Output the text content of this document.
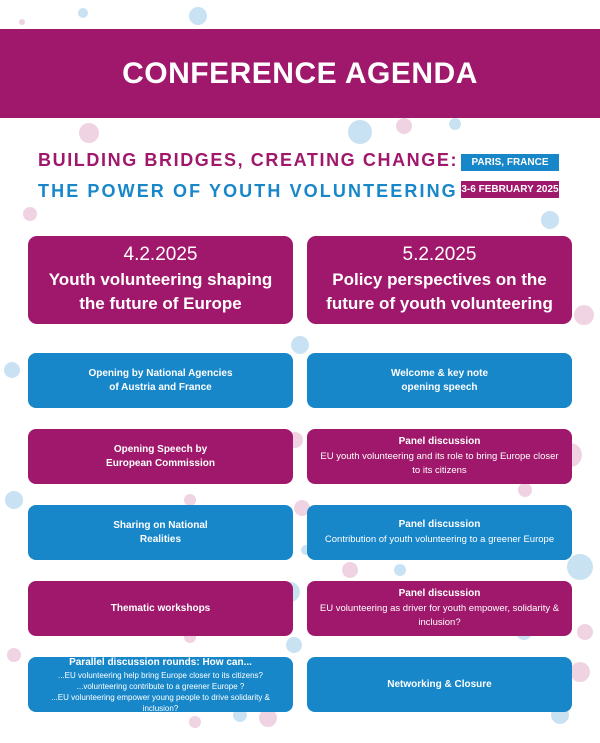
CONFERENCE AGENDA
BUILDING BRIDGES, CREATING CHANGE:
THE POWER OF YOUTH VOLUNTEERING
PARIS, FRANCE
3-6 FEBRUARY 2025
4.2.2025
Youth volunteering shaping the future of Europe
5.2.2025
Policy perspectives on the future of youth volunteering
Opening by National Agencies
of Austria and France
Opening Speech by
European Commission
Sharing on National
Realities
Thematic workshops
Parallel discussion rounds: How can...
...EU volunteering help bring Europe closer to its citizens?
...volunteering contribute to a greener Europe ?
...EU volunteering empower young people to drive solidarity & inclusion?
Welcome & key note
opening speech
Panel discussion
EU youth volunteering and its role to bring Europe closer to its citizens
Panel discussion
Contribution of youth volunteering to a greener Europe
Panel discussion
EU volunteering as driver for youth empower, solidarity & inclusion?
Networking & Closure
